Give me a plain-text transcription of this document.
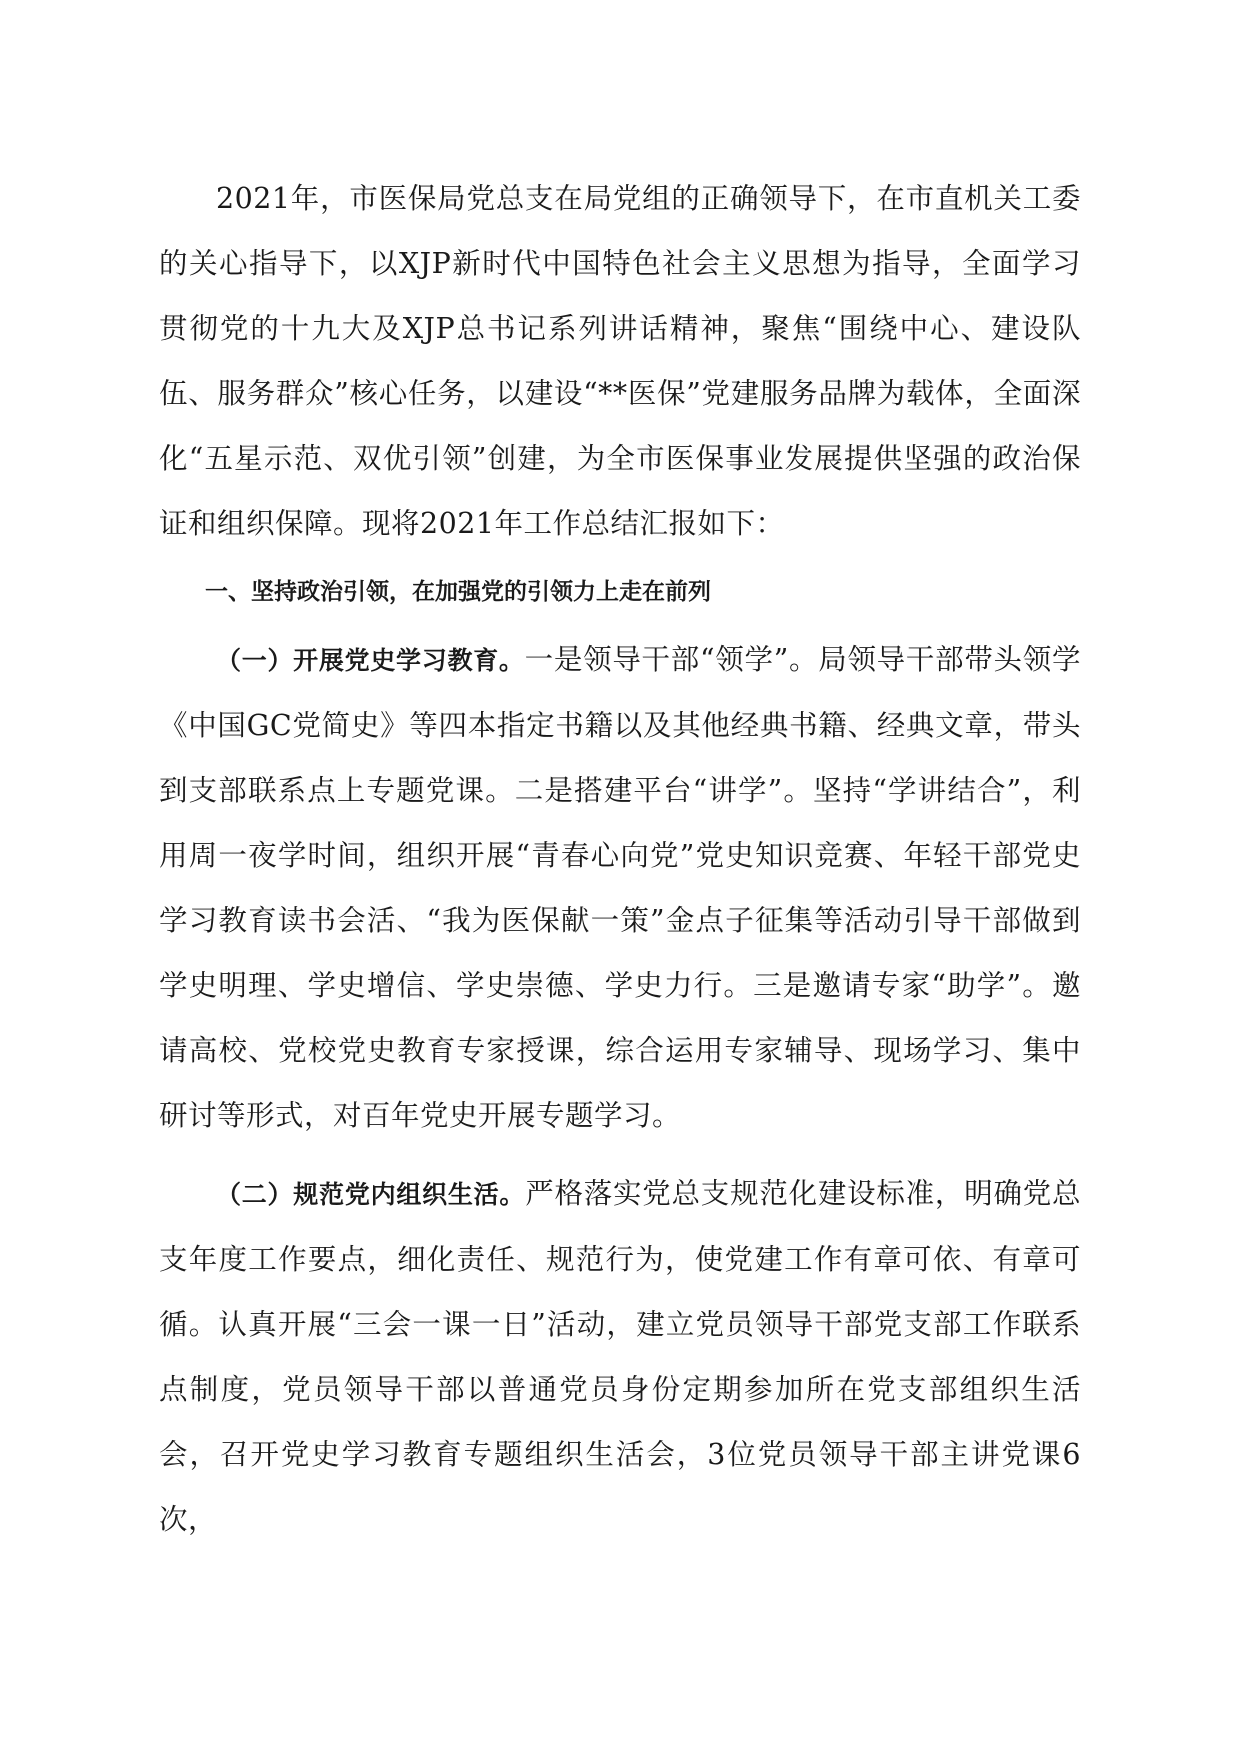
2021年，市医保局党总支在局党组的正确领导下，在市直机关工委的关心指导下，以XJP新时代中国特色社会主义思想为指导，全面学习贯彻党的十九大及XJP总书记系列讲话精神，聚焦“围绕中心、建设队伍、服务群众”核心任务，以建设“**医保”党建服务品牌为载体，全面深化“五星示范、双优引领”创建，为全市医保事业发展提供坚强的政治保证和组织保障。现将2021年工作总结汇报如下：

一、坚持政治引领，在加强党的引领力上走在前列

（一）开展党史学习教育。一是领导干部“领学”。局领导干部带头领学《中国GC党简史》等四本指定书籍以及其他经典书籍、经典文章，带头到支部联系点上专题党课。二是搭建平台“讲学”。坚持“学讲结合”，利用周一夜学时间，组织开展“青春心向党”党史知识竞赛、年轻干部党史学习教育读书会活、“我为医保献一策”金点子征集等活动引导干部做到学史明理、学史增信、学史崇德、学史力行。三是邀请专家“助学”。邀请高校、党校党史教育专家授课，综合运用专家辅导、现场学习、集中研讨等形式，对百年党史开展专题学习。

（二）规范党内组织生活。严格落实党总支规范化建设标准，明确党总支年度工作要点，细化责任、规范行为，使党建工作有章可依、有章可循。认真开展“三会一课一日”活动，建立党员领导干部党支部工作联系点制度，党员领导干部以普通党员身份定期参加所在党支部组织生活会，召开党史学习教育专题组织生活会，3位党员领导干部主讲党课6次，
